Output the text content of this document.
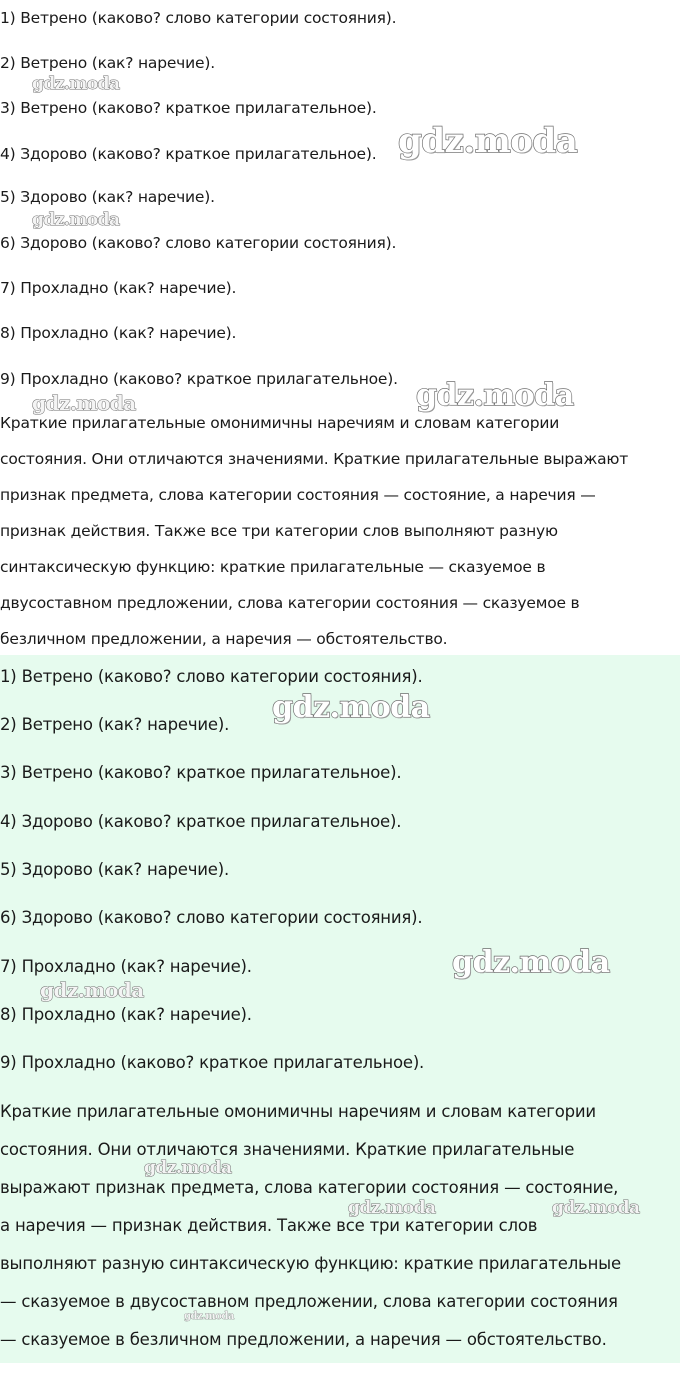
1) Ветрено (каково? слово категории состояния).

2) Ветрено (как? наречие).

3) Ветрено (каково? краткое прилагательное).

4) Здорово (каково? краткое прилагательное).

5) Здорово (как? наречие).

6) Здорово (каково? слово категории состояния).

7) Прохладно (как? наречие).

8) Прохладно (как? наречие).

9) Прохладно (каково? краткое прилагательное).

Краткие прилагательные омонимичны наречиям и словам категории

состояния. Они отличаются значениями. Краткие прилагательные выражают

признак предмета, слова категории состояния — состояние, а наречия —

признак действия. Также все три категории слов выполняют разную

синтаксическую функцию: краткие прилагательные — сказуемое в

двусоставном предложении, слова категории состояния — сказуемое в

безличном предложении, а наречия — обстоятельство.

gdz.moda
gdz.moda
gdz.moda
gdz.moda	gdz.moda

1) Ветрено (каково? слово категории состояния).

2) Ветрено (как? наречие).

3) Ветрено (каково? краткое прилагательное).

4) Здорово (каково? краткое прилагательное).

5) Здорово (как? наречие).

6) Здорово (каково? слово категории состояния).

7) Прохладно (как? наречие).

8) Прохладно (как? наречие).

9) Прохладно (каково? краткое прилагательное).

Краткие прилагательные омонимичны наречиям и словам категории

состояния. Они отличаются значениями. Краткие прилагательные

выражают признак предмета, слова категории состояния — состояние,

а наречия — признак действия. Также все три категории слов

выполняют разную синтаксическую функцию: краткие прилагательные

— сказуемое в двусоставном предложении, слова категории состояния

— сказуемое в безличном предложении, а наречия — обстоятельство.

gdz.moda
gdz.moda
gdz.moda
gdz.moda
gdz.moda	gdz.moda
gdz.moda
